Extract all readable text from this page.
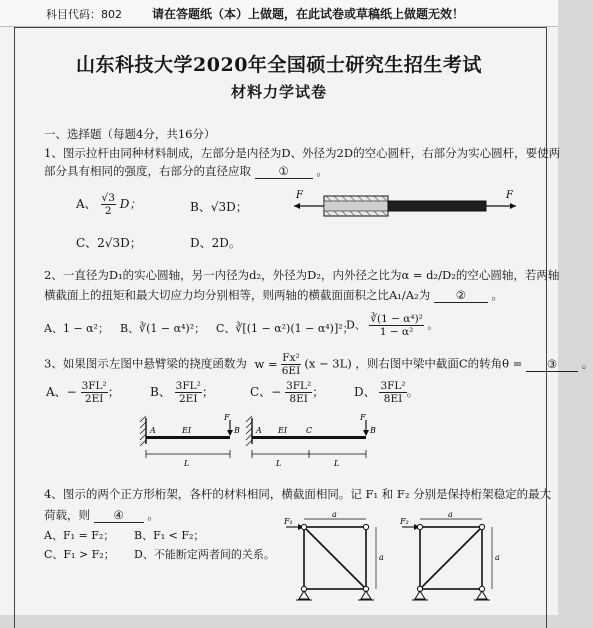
科目代码：802	请在答题纸（本）上做题，在此试卷或草稿纸上做题无效！
山东科技大学2020年全国硕士研究生招生考试
材料力学试卷
一、选择题（每题4分，共16分）
1、图示拉杆由同种材料制成，左部分是内径为D、外径为2D的空心圆杆，右部分为实心圆杆，要使两
部分具有相同的强度，右部分的直径应取 ① 。
A、 $\frac{√3}{2}$ D；	B、√3D；
C、2√3D；	D、2D。
F	F
2、一直径为D₁的实心圆轴，另一内径为d₂，外径为D₂，内外径之比为α = d₂/D₂的空心圆轴，若两轴
横截面上的扭矩和最大切应力均分别相等，则两轴的横截面面积之比A₁/A₂为 ② 。
A、1 − α²； B、∛(1 − α⁴)²； C、∛[(1 − α²)(1 − α⁴)]²；
D、 $\frac{\text{∛(1 − α⁴)²}}{\text{1 − α²}}$ 。
3、如果图示左图中悬臂梁的挠度函数为 $w = \frac{\text{Fx²}}{6EI} (x - 3L)$ ，则右图中梁中截面C的转角θ = ③ 。
A、− $\frac{\text{3FL²}}{2EI}$ ；	B、 $\frac{\text{3FL²}}{2EI}$ ；	C、− $\frac{\text{3FL²}}{8EI}$ ； D、 $\frac{\text{3FL²}}{8EI}$ 。
A	EI	B
F
L
A EI C	B
F
L	L
4、图示的两个正方形桁架，各杆的材料相同，横截面相同。记 F₁ 和 F₂ 分别是保持桁架稳定的最大
荷载，则 ④ 。
A、F₁ = F₂； B、F₁ < F₂；
C、F₁ > F₂； D、不能断定两者间的关系。
F₁
a
a
F₂
a
a
